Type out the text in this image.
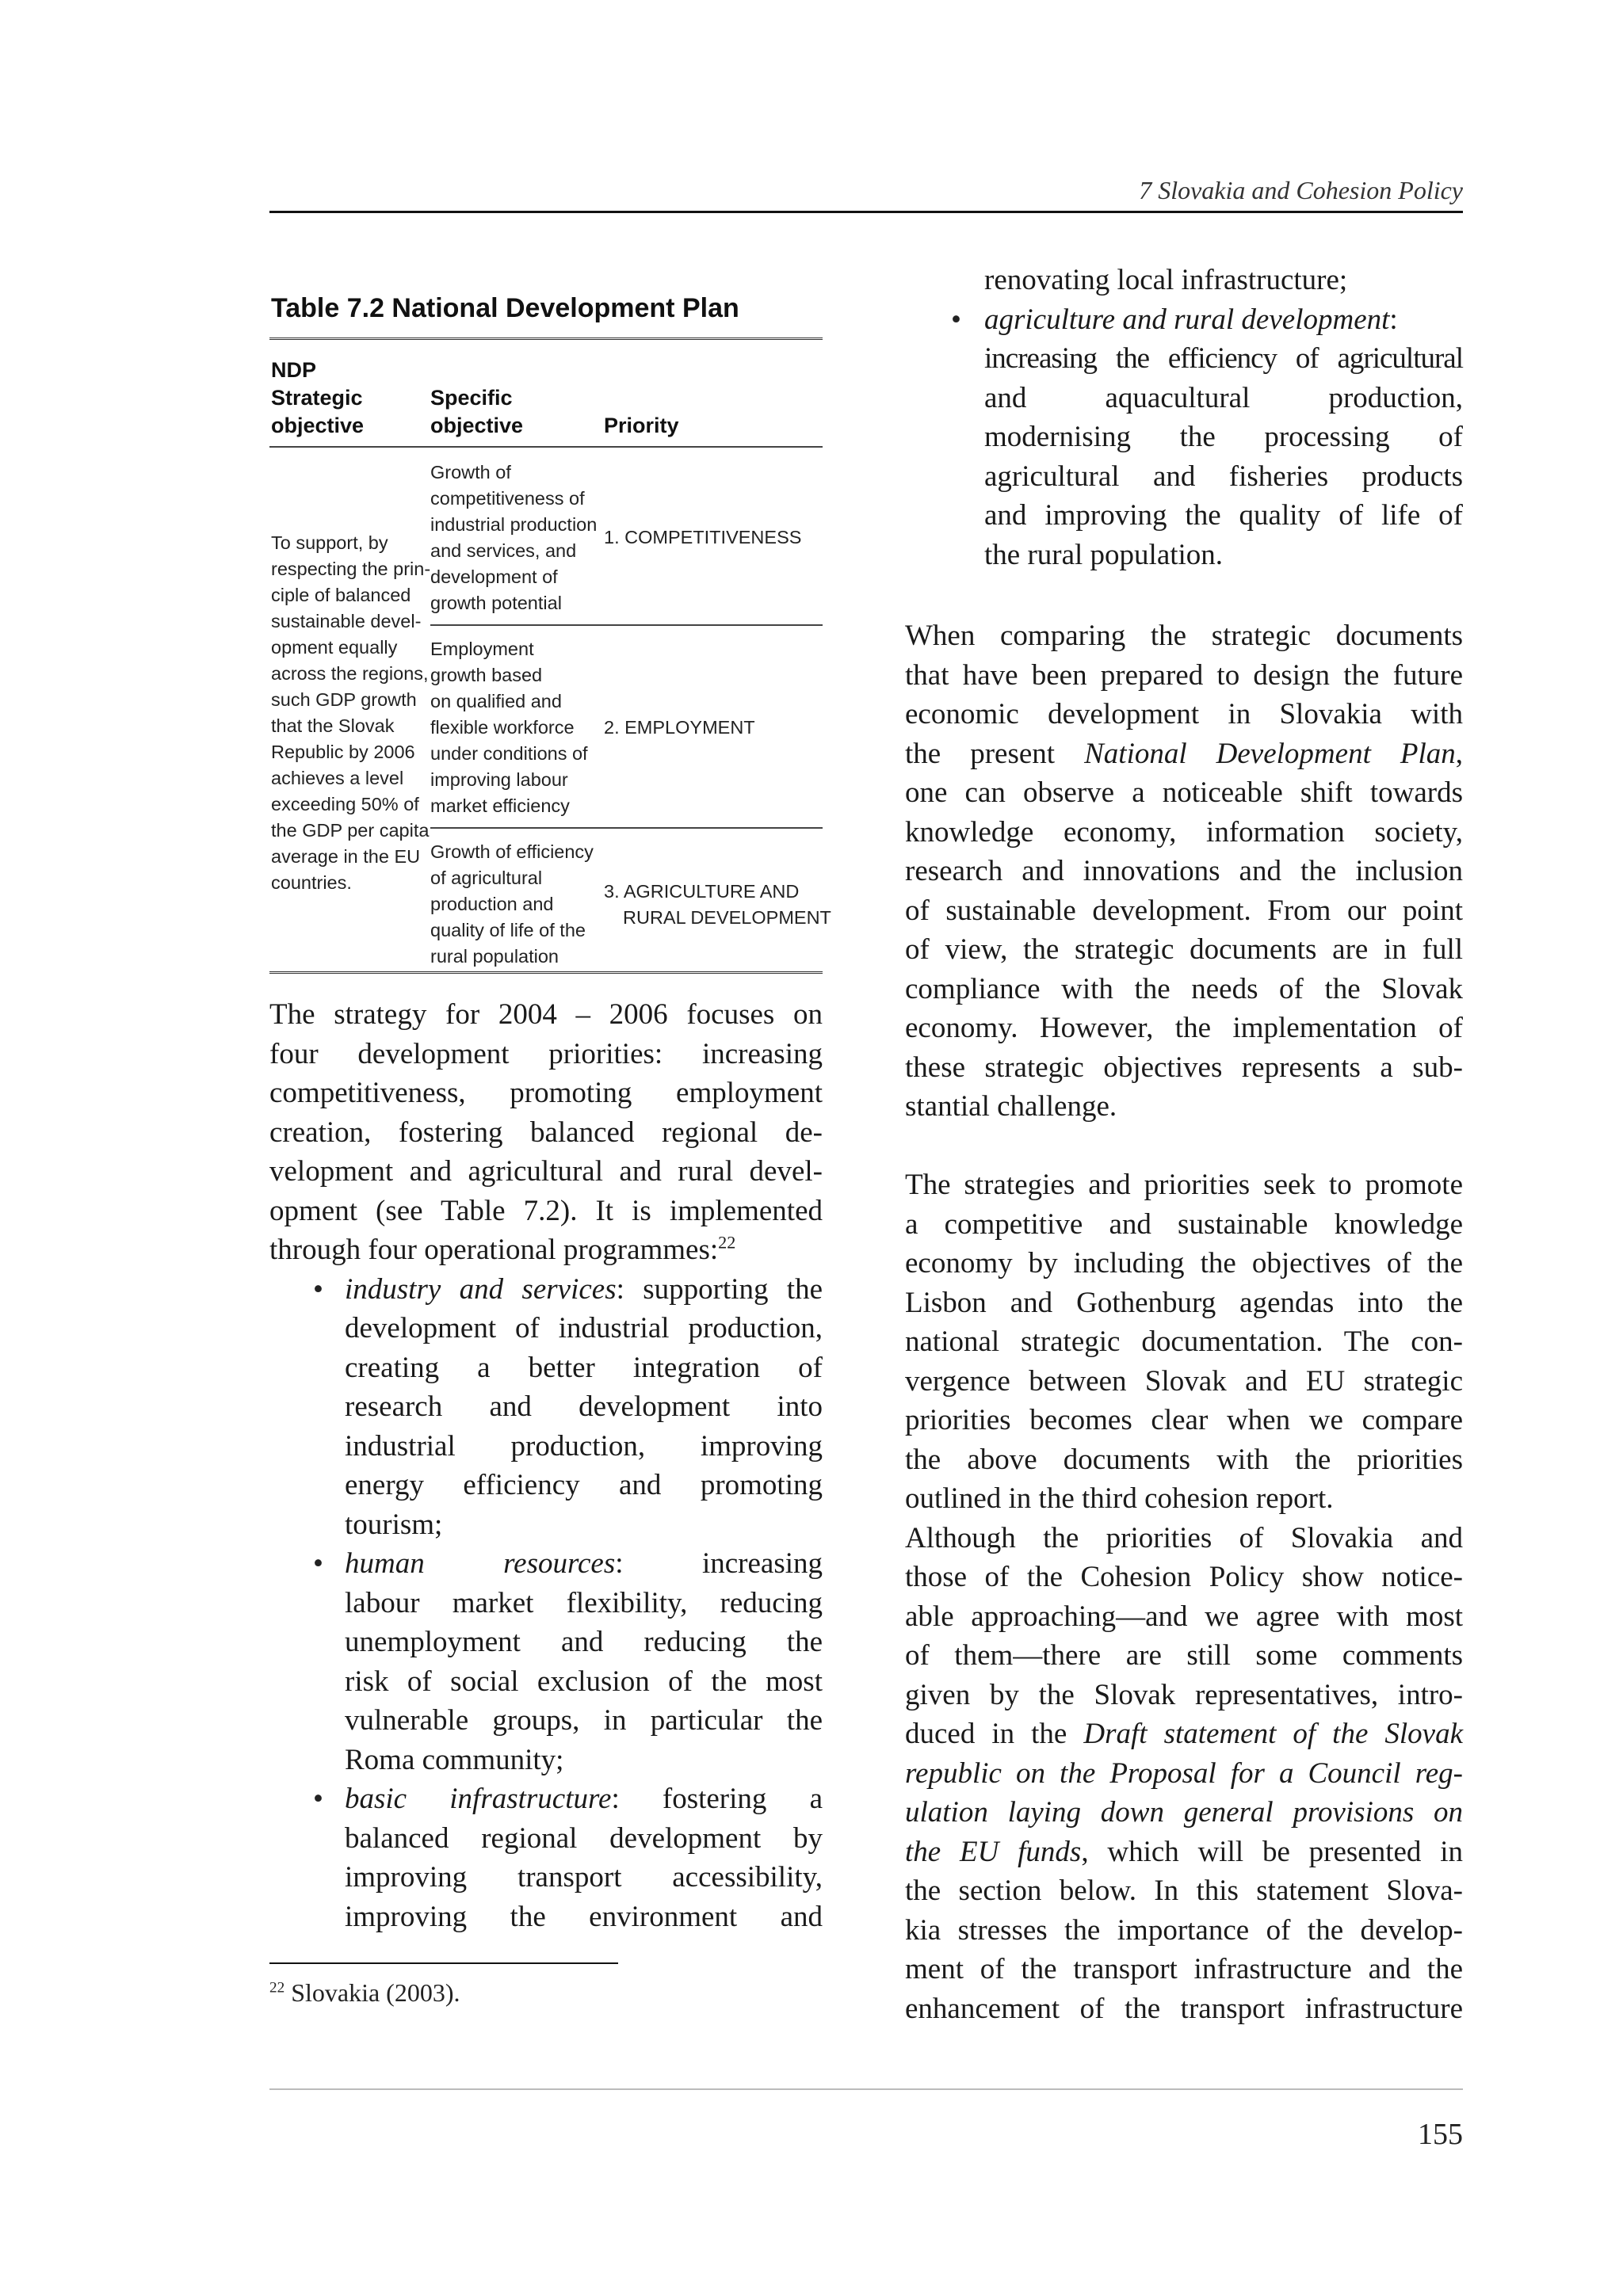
7 Slovakia and Cohesion Policy
Table 7.2 National Development Plan
NDP
Strategic
objective
Specific
objective	Priority
To support, by
respecting the prin-
ciple of balanced
sustainable devel-
opment equally
across the regions,
such GDP growth
that the Slovak
Republic by 2006
achieves a level
exceeding 50% of
the GDP per capita
average in the EU
countries.
Growth of
competitiveness of
industrial production
and services, and
development of
growth potential
1. COMPETITIVENESS
Employment
growth based
on qualified and
flexible workforce
under conditions of
improving labour
market efficiency
2. EMPLOYMENT
Growth of efficiency
of agricultural
production and
quality of life of the
rural population
3. AGRICULTURE AND
RURAL DEVELOPMENT
The strategy for 2004 – 2006 focuses on
four development priorities: increasing
competitiveness, promoting employment
creation, fostering balanced regional de-
velopment and agricultural and rural devel-
opment (see Table 7.2). It is implemented
through four operational programmes:$^{22}$
• industry and services: supporting the
development of industrial production,
creating a better integration of
research and development into
industrial production, improving
energy efficiency and promoting
tourism;
• human resources: increasing
labour market flexibility, reducing
unemployment and reducing the
risk of social exclusion of the most
vulnerable groups, in particular the
Roma community;
• basic infrastructure: fostering a
balanced regional development by
improving transport accessibility,
improving the environment and
$^{22}$ Slovakia (2003).
renovating local infrastructure;
• agriculture and rural development:
increasing the efficiency of agricultural
and aquacultural production,
modernising the processing of
agricultural and fisheries products
and improving the quality of life of
the rural population.
When comparing the strategic documents
that have been prepared to design the future
economic development in Slovakia with
the present National Development Plan,
one can observe a noticeable shift towards
knowledge economy, information society,
research and innovations and the inclusion
of sustainable development. From our point
of view, the strategic documents are in full
compliance with the needs of the Slovak
economy. However, the implementation of
these strategic objectives represents a sub-
stantial challenge.
The strategies and priorities seek to promote
a competitive and sustainable knowledge
economy by including the objectives of the
Lisbon and Gothenburg agendas into the
national strategic documentation. The con-
vergence between Slovak and EU strategic
priorities becomes clear when we compare
the above documents with the priorities
outlined in the third cohesion report.
Although the priorities of Slovakia and
those of the Cohesion Policy show notice-
able approaching—and we agree with most
of them—there are still some comments
given by the Slovak representatives, intro-
duced in the Draft statement of the Slovak
republic on the Proposal for a Council reg-
ulation laying down general provisions on
the EU funds, which will be presented in
the section below. In this statement Slova-
kia stresses the importance of the develop-
ment of the transport infrastructure and the
enhancement of the transport infrastructure
155
